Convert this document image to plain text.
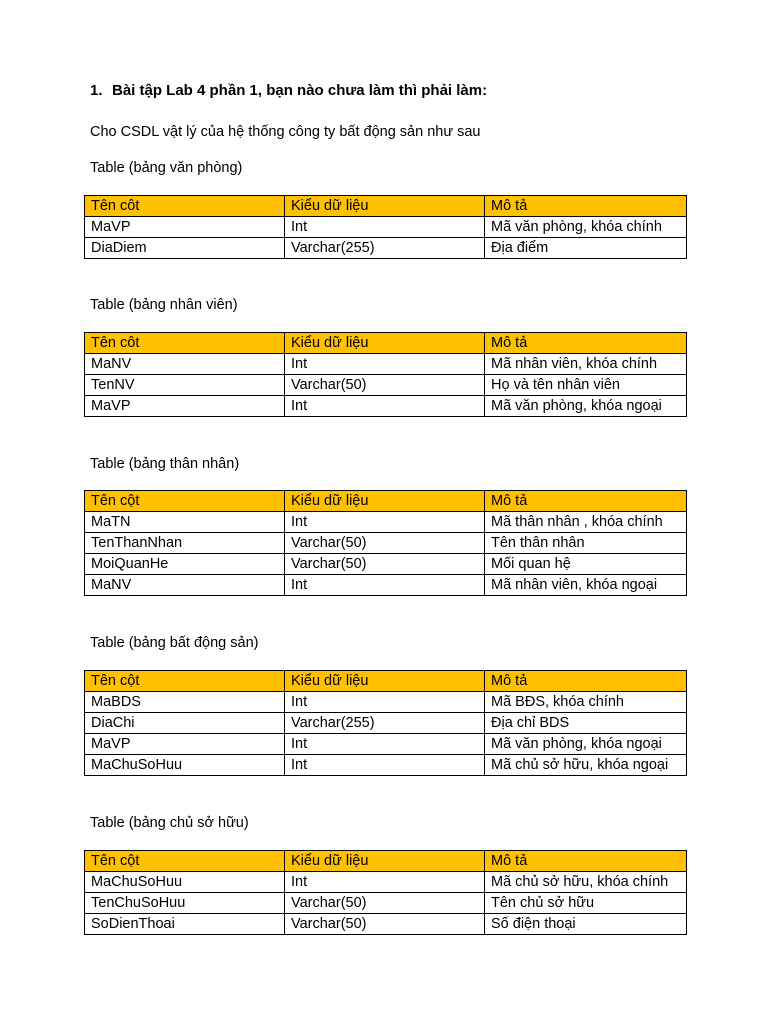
1. Bài tập Lab 4 phần 1, bạn nào chưa làm thì phải làm:
Cho CSDL vật lý của hệ thống công ty bất động sản như sau
Table (bảng văn phòng)
Tên côt	Kiểu dữ liệu	Mô tả
MaVP	Int	Mã văn phòng, khóa chính
DiaDiem	Varchar(255)	Địa điểm
Table (bảng nhân viên)
Tên côt	Kiểu dữ liệu	Mô tả
MaNV	Int	Mã nhân viên, khóa chính
TenNV	Varchar(50)	Họ và tên nhân viên
MaVP	Int	Mã văn phòng, khóa ngoại
Table (bảng thân nhân)
Tên cột	Kiểu dữ liệu	Mô tả
MaTN	Int	Mã thân nhân , khóa chính
TenThanNhan	Varchar(50)	Tên thân nhân
MoiQuanHe	Varchar(50)	Mối quan hệ
MaNV	Int	Mã nhân viên, khóa ngoại
Table (bảng bất động sản)
Tên cột	Kiểu dữ liệu	Mô tả
MaBDS	Int	Mã BĐS, khóa chính
DiaChi	Varchar(255)	Địa chỉ BDS
MaVP	Int	Mã văn phòng, khóa ngoại
MaChuSoHuu	Int	Mã chủ sở hữu, khóa ngoại
Table (bảng chủ sở hữu)
Tên cột	Kiểu dữ liệu	Mô tả
MaChuSoHuu	Int	Mã chủ sở hữu, khóa chính
TenChuSoHuu	Varchar(50)	Tên chủ sở hữu
SoDienThoai	Varchar(50)	Số điện thoại
